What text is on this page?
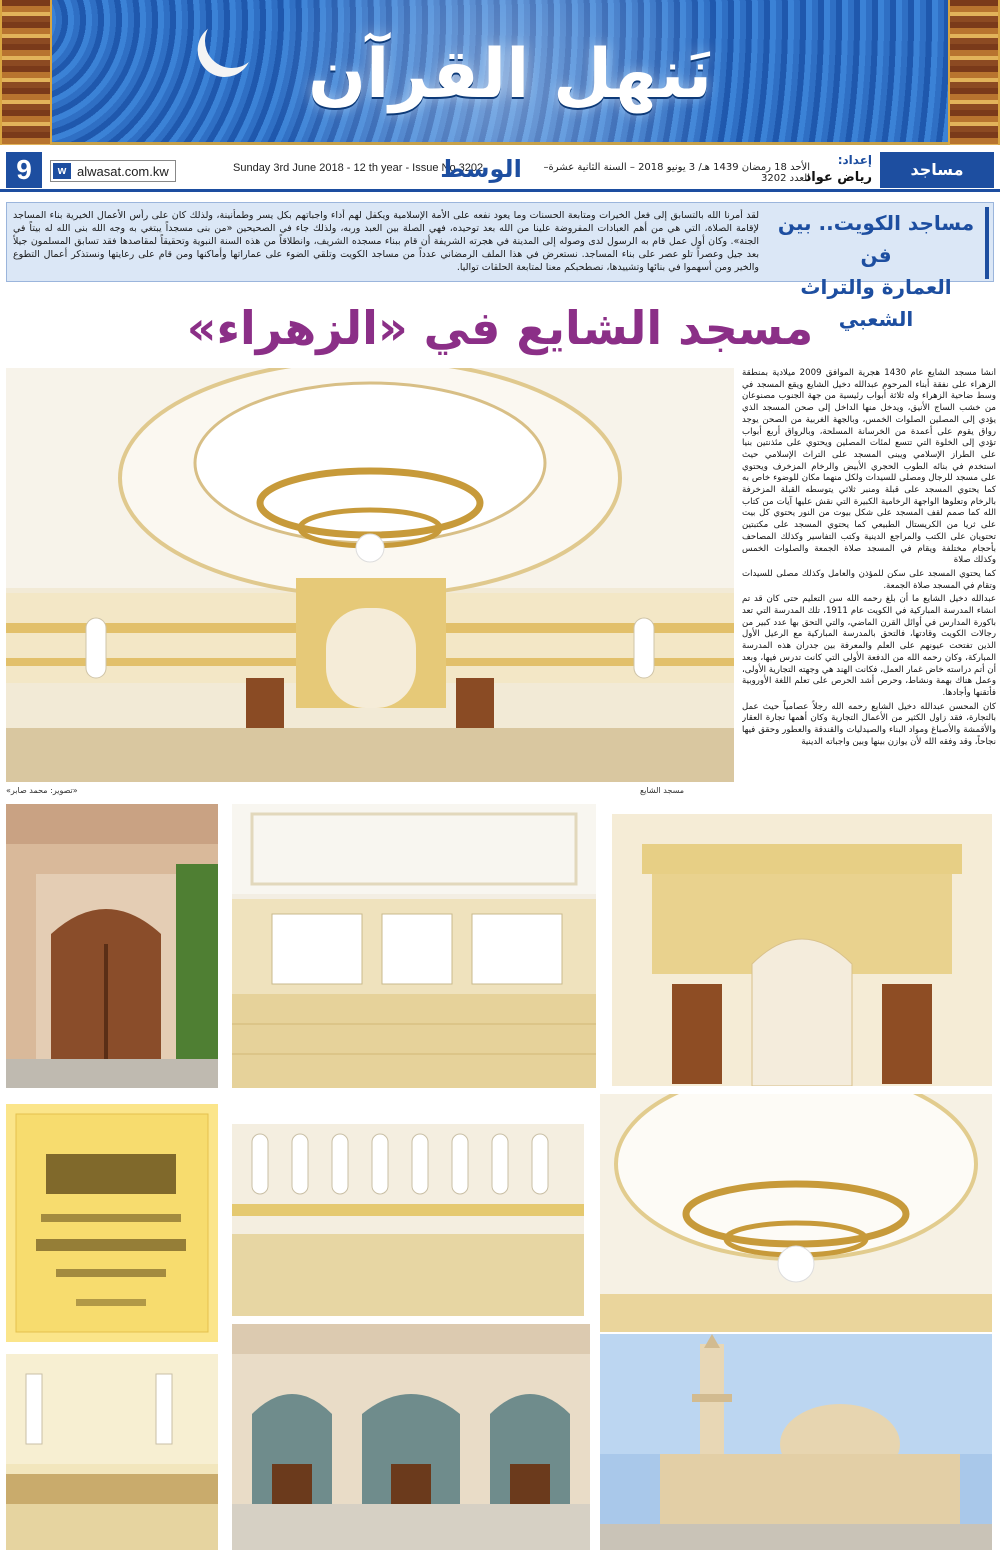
نَنهل القرآن
9	w alwasat.com.kw	Sunday 3rd June 2018 - 12 th year - Issue No.3202
الوسط	الأحد 18 رمضان 1439 هـ/ 3 يونيو 2018 – السنة الثانية عشرة– العدد 3202
إعداد:
رياض عواد	مساجد
لقد أمرنا الله بالتسابق إلى فعل الخيرات ومتابعة الحسنات وما يعود نفعه على الأمة الإسلامية ويكفل لهم أداء واجباتهم بكل يسر وطمأنينة، ولذلك كان على رأس الأعمال الخيرية بناء المساجد لإقامة الصلاة، التي هي من أهم العبادات المفروضة علينا من الله بعد توحيده، فهي الصلة بين العبد وربه، ولذلك جاء في الصحيحين «من بنى مسجداً يبتغي به وجه الله بنى الله له بيتاً في الجنة». وكان أول عمل قام به الرسول لدى وصوله إلى المدينة في هجرته الشريفة أن قام ببناء مسجده الشريف، وانطلاقاً من هذه السنة النبوية وتحقيقاً لمقاصدها فقد تسابق المسلمون جيلاً بعد جيل وعصراً تلو عصر على بناء المساجد. نستعرض في هذا الملف الرمضاني عدداً من مساجد الكويت وتلقي الضوء على عماراتها وأماكنها ومن قام على رعايتها ونستذكر أعمال التطوع والخير ومن أسهموا في بنائها وتشييدها، نصطحبكم معنا لمتابعة الحلقات تواليا.
مساجد الكويت.. بين فن
العمارة والتراث الشعبي
مسجد الشايع في «الزهراء»
مسجد الشايع
«تصوير: محمد صابر»

أنشا مسجد الشايع عام 1430 هجرية الموافق 2009 ميلادية بمنطقة الزهراء على نفقة أبناء المرحوم عبدالله دخيل الشايع ويقع المسجد في وسط ضاحية الزهراء وله ثلاثة أبواب رئيسية من جهة الجنوب مصنوعان من خشب الساج الأنيق، ويدخل منها الداخل إلى صحن المسجد الذي يؤدي إلى المصلين الصلوات الخمس، وبالجهة الغربية من الصحن يوجد رواق يقوم على أعمدة من الخرسانة المسلحة، وبالرواق أربع أبواب تؤدي إلى الخلوة التي تتسع لمئات المصلين ويحتوي على مئذنتين بنيا على الطراز الإسلامي ويبنى المسجد على التراث الإسلامي حيث استخدم في بنائه الطوب الحجري الأبيض والرخام المزخرف ويحتوي على مسجد للرجال ومصلى للسيدات ولكل منهما مكان للوضوء خاص به كما يحتوي المسجد على قبلة ومنبر ثلاثي يتوسطه القبلة المزخرفة بالرخام وتعلوها الواجهة الرخامية الكبيرة التي نقش عليها آيات من كتاب الله كما صمم لقف المسجد على شكل بيوت من النور يحتوي كل بيت على ثريا من الكريستال الطبيعي كما يحتوي المسجد على مكتبتين تحتويان على الكتب والمراجع الدينية وكتب التفاسير وكذلك المصاحف بأحجام مختلفة ويقام في المسجد صلاة الجمعة والصلوات الخمس وكذلك صلاة

كما يحتوي المسجد على سكن للمؤذن والعامل وكذلك مصلى للسيدات وتقام في المسجد صلاة الجمعة.

عبدالله دخيل الشايع ما أن بلغ رحمه الله سن التعليم حتى كان قد تم انشاء المدرسة المباركية في الكويت عام 1911، تلك المدرسة التي تعد باكورة المدارس في أوائل القرن الماضي، والتي التحق بها عدد كبير من رجالات الكويت وقادتها، فالتحق بالمدرسة المباركية مع الرعيل الأول الذين تفتحت عيونهم على العلم والمعرفة بين جدران هذه المدرسة المباركة، وكان رحمه الله من الدفعة الأولى التي كانت تدرس فيها، وبعد أن أتم دراسته خاض غمار العمل، فكانت الهند هي وجهته التجارية الأولى، وعمل هناك بهمة ونشاط، وحرص أشد الحرص على تعلم اللغة الأوروبية فأتقنها وأجادها.

كان المحسن عبدالله دخيل الشايع رحمه الله رجلاً عصامياً حيث عمل بالتجارة، فقد زاول الكثير من الأعمال التجارية وكان أهمها تجارة العقار والأقمشة والأصباغ ومواد البناء والصيدليات والقندقة والعطور وحقق فيها نجاحاً، وقد وفقه الله لأن يوازن بينها وبين واجباته الدينية
